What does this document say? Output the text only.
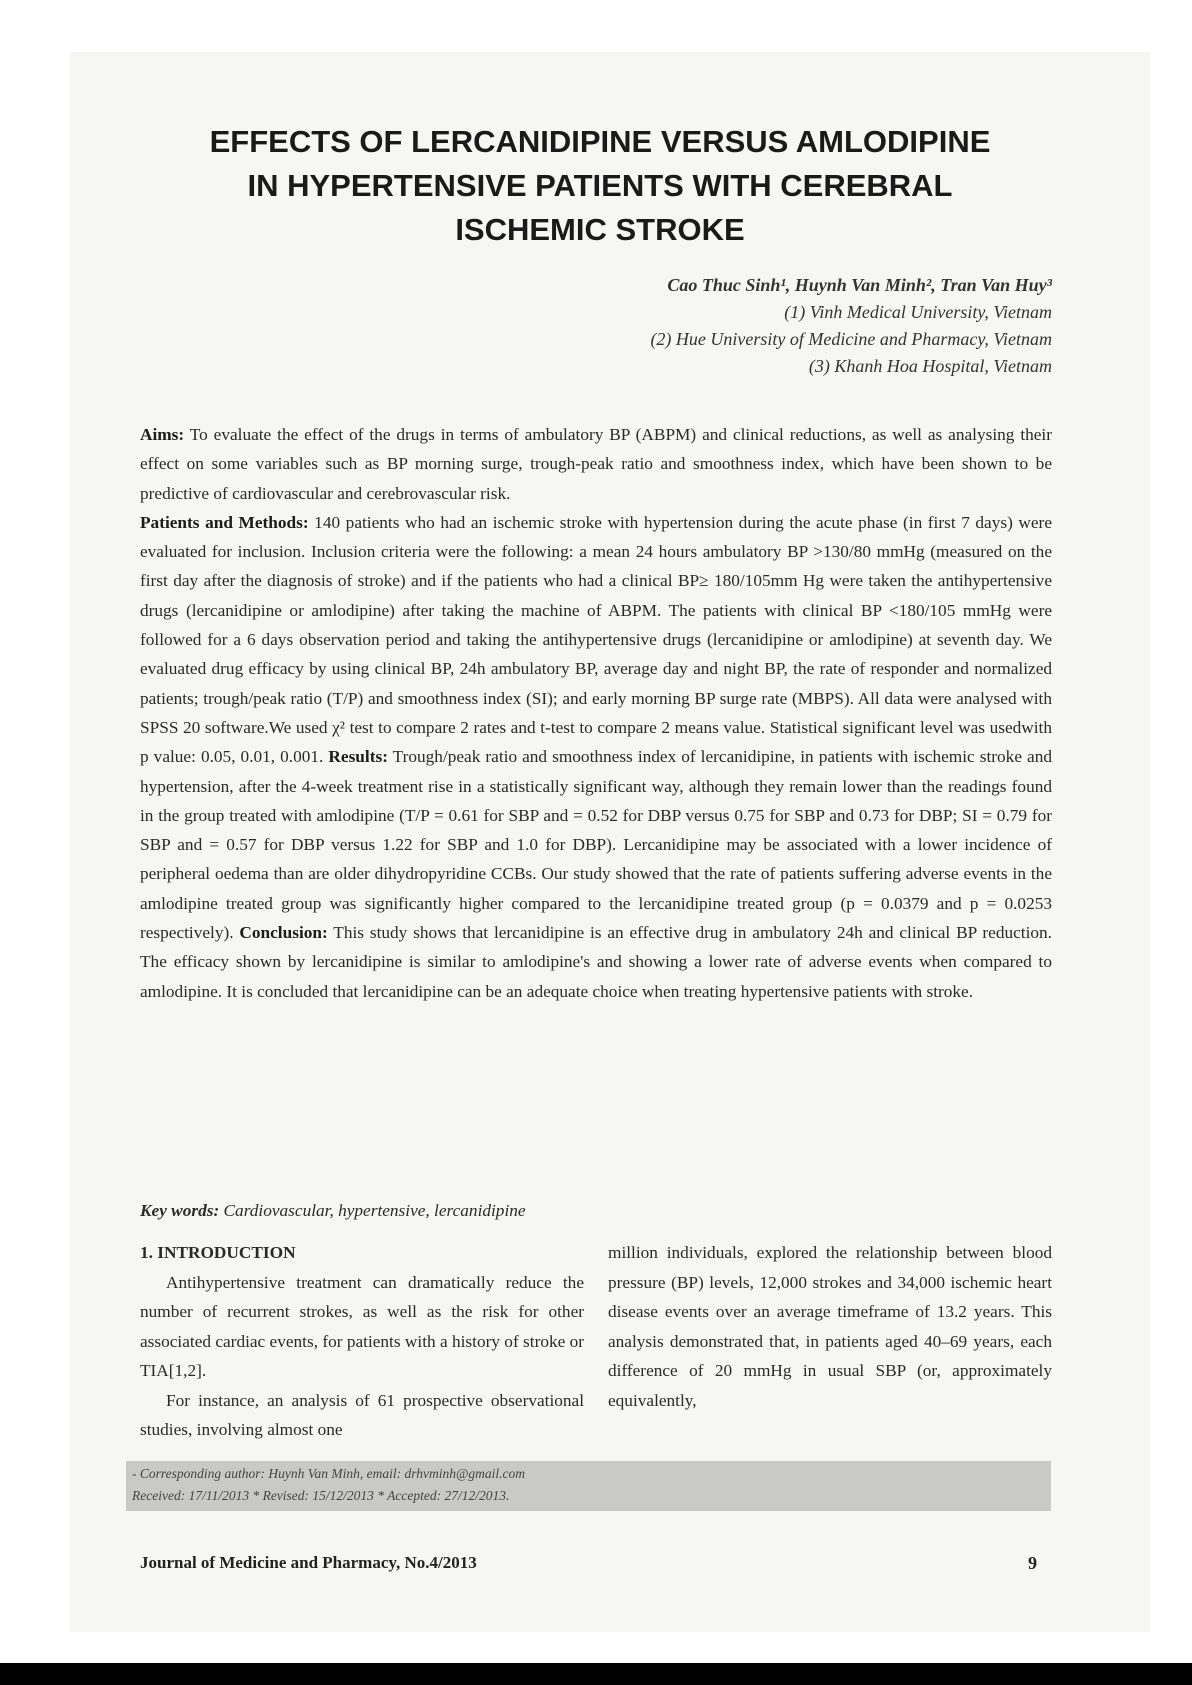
EFFECTS OF LERCANIDIPINE VERSUS AMLODIPINE
IN HYPERTENSIVE PATIENTS WITH CEREBRAL
ISCHEMIC STROKE
Cao Thuc Sinh¹, Huynh Van Minh², Tran Van Huy³
(1) Vinh Medical University, Vietnam
(2) Hue University of Medicine and Pharmacy, Vietnam
(3) Khanh Hoa Hospital, Vietnam
Aims: To evaluate the effect of the drugs in terms of ambulatory BP (ABPM) and clinical reductions, as well as analysing their effect on some variables such as BP morning surge, trough-peak ratio and smoothness index, which have been shown to be predictive of cardiovascular and cerebrovascular risk.
Patients and Methods: 140 patients who had an ischemic stroke with hypertension during the acute phase (in first 7 days) were evaluated for inclusion. Inclusion criteria were the following: a mean 24 hours ambulatory BP >130/80 mmHg (measured on the first day after the diagnosis of stroke) and if the patients who had a clinical BP≥ 180/105mm Hg were taken the antihypertensive drugs (lercanidipine or amlodipine) after taking the machine of ABPM. The patients with clinical BP <180/105 mmHg were followed for a 6 days observation period and taking the antihypertensive drugs (lercanidipine or amlodipine) at seventh day. We evaluated drug efficacy by using clinical BP, 24h ambulatory BP, average day and night BP, the rate of responder and normalized patients; trough/peak ratio (T/P) and smoothness index (SI); and early morning BP surge rate (MBPS). All data were analysed with SPSS 20 software.We used χ² test to compare 2 rates and t-test to compare 2 means value. Statistical significant level was usedwith p value: 0.05, 0.01, 0.001. Results: Trough/peak ratio and smoothness index of lercanidipine, in patients with ischemic stroke and hypertension, after the 4-week treatment rise in a statistically significant way, although they remain lower than the readings found in the group treated with amlodipine (T/P = 0.61 for SBP and = 0.52 for DBP versus 0.75 for SBP and 0.73 for DBP; SI = 0.79 for SBP and = 0.57 for DBP versus 1.22 for SBP and 1.0 for DBP). Lercanidipine may be associated with a lower incidence of peripheral oedema than are older dihydropyridine CCBs. Our study showed that the rate of patients suffering adverse events in the amlodipine treated group was significantly higher compared to the lercanidipine treated group (p = 0.0379 and p = 0.0253 respectively). Conclusion: This study shows that lercanidipine is an effective drug in ambulatory 24h and clinical BP reduction. The efficacy shown by lercanidipine is similar to amlodipine's and showing a lower rate of adverse events when compared to amlodipine. It is concluded that lercanidipine can be an adequate choice when treating hypertensive patients with stroke.
Key words: Cardiovascular, hypertensive, lercanidipine

1. INTRODUCTION

Antihypertensive treatment can dramatically reduce the number of recurrent strokes, as well as the risk for other associated cardiac events, for patients with a history of stroke or TIA[1,2].

For instance, an analysis of 61 prospective observational studies, involving almost one

million individuals, explored the relationship between blood pressure (BP) levels, 12,000 strokes and 34,000 ischemic heart disease events over an average timeframe of 13.2 years. This analysis demonstrated that, in patients aged 40–69 years, each difference of 20 mmHg in usual SBP (or, approximately equivalently,

- Corresponding author: Huynh Van Minh, email: drhvminh@gmail.com
Received: 17/11/2013 * Revised: 15/12/2013 * Accepted: 27/12/2013.
Journal of Medicine and Pharmacy, No.4/2013	9
